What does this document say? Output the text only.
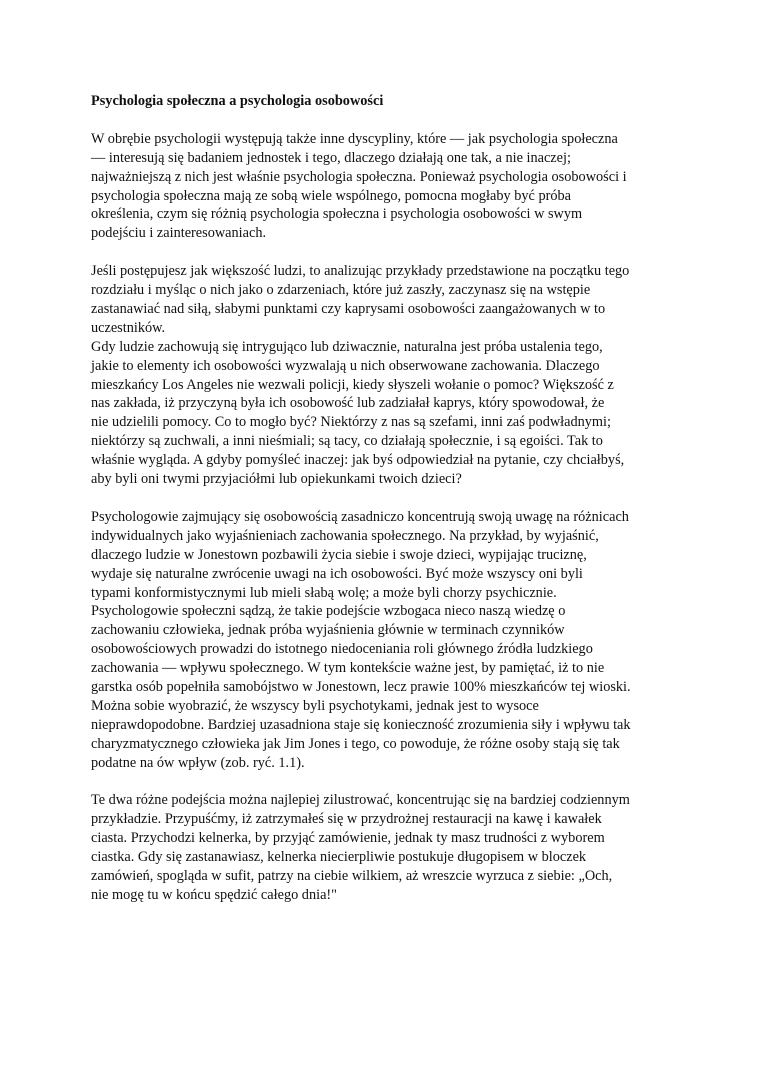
Psychologia społeczna a psychologia osobowości
W obrębie psychologii występują także inne dyscypliny, które — jak psychologia społeczna
— interesują się badaniem jednostek i tego, dlaczego działają one tak, a nie inaczej;
najważniejszą z nich jest właśnie psychologia społeczna. Ponieważ psychologia osobowości i
psychologia społeczna mają ze sobą wiele wspólnego, pomocna mogłaby być próba
określenia, czym się różnią psychologia społeczna i psychologia osobowości w swym
podejściu i zainteresowaniach.
Jeśli postępujesz jak większość ludzi, to analizując przykłady przedstawione na początku tego
rozdziału i myśląc o nich jako o zdarzeniach, które już zaszły, zaczynasz się na wstępie
zastanawiać nad siłą, słabymi punktami czy kaprysami osobowości zaangażowanych w to
uczestników.
Gdy ludzie zachowują się intrygująco lub dziwacznie, naturalna jest próba ustalenia tego,
jakie to elementy ich osobowości wyzwalają u nich obserwowane zachowania. Dlaczego
mieszkańcy Los Angeles nie wezwali policji, kiedy słyszeli wołanie o pomoc? Większość z
nas zakłada, iż przyczyną była ich osobowość lub zadziałał kaprys, który spowodował, że
nie udzielili pomocy. Co to mogło być? Niektórzy z nas są szefami, inni zaś podwładnymi;
niektórzy są zuchwali, a inni nieśmiali; są tacy, co działają społecznie, i są egoiści. Tak to
właśnie wygląda. A gdyby pomyśleć inaczej: jak byś odpowiedział na pytanie, czy chciałbyś,
aby byli oni twymi przyjaciółmi lub opiekunkami twoich dzieci?
Psychologowie zajmujący się osobowością zasadniczo koncentrują swoją uwagę na różnicach
indywidualnych jako wyjaśnieniach zachowania społecznego. Na przykład, by wyjaśnić,
dlaczego ludzie w Jonestown pozbawili życia siebie i swoje dzieci, wypijając truciznę,
wydaje się naturalne zwrócenie uwagi na ich osobowości. Być może wszyscy oni byli
typami konformistycznymi lub mieli słabą wolę; a może byli chorzy psychicznie.
Psychologowie społeczni sądzą, że takie podejście wzbogaca nieco naszą wiedzę o
zachowaniu człowieka, jednak próba wyjaśnienia głównie w terminach czynników
osobowościowych prowadzi do istotnego niedoceniania roli głównego źródła ludzkiego
zachowania — wpływu społecznego. W tym kontekście ważne jest, by pamiętać, iż to nie
garstka osób popełniła samobójstwo w Jonestown, lecz prawie 100% mieszkańców tej wioski.
Można sobie wyobrazić, że wszyscy byli psychotykami, jednak jest to wysoce
nieprawdopodobne. Bardziej uzasadniona staje się konieczność zrozumienia siły i wpływu tak
charyzmatycznego człowieka jak Jim Jones i tego, co powoduje, że różne osoby stają się tak
podatne na ów wpływ (zob. ryć. 1.1).
Te dwa różne podejścia można najlepiej zilustrować, koncentrując się na bardziej codziennym
przykładzie. Przypuśćmy, iż zatrzymałeś się w przydrożnej restauracji na kawę i kawałek
ciasta. Przychodzi kelnerka, by przyjąć zamówienie, jednak ty masz trudności z wyborem
ciastka. Gdy się zastanawiasz, kelnerka niecierpliwie postukuje długopisem w bloczek
zamówień, spogląda w sufit, patrzy na ciebie wilkiem, aż wreszcie wyrzuca z siebie: „Och,
nie mogę tu w końcu spędzić całego dnia!"
